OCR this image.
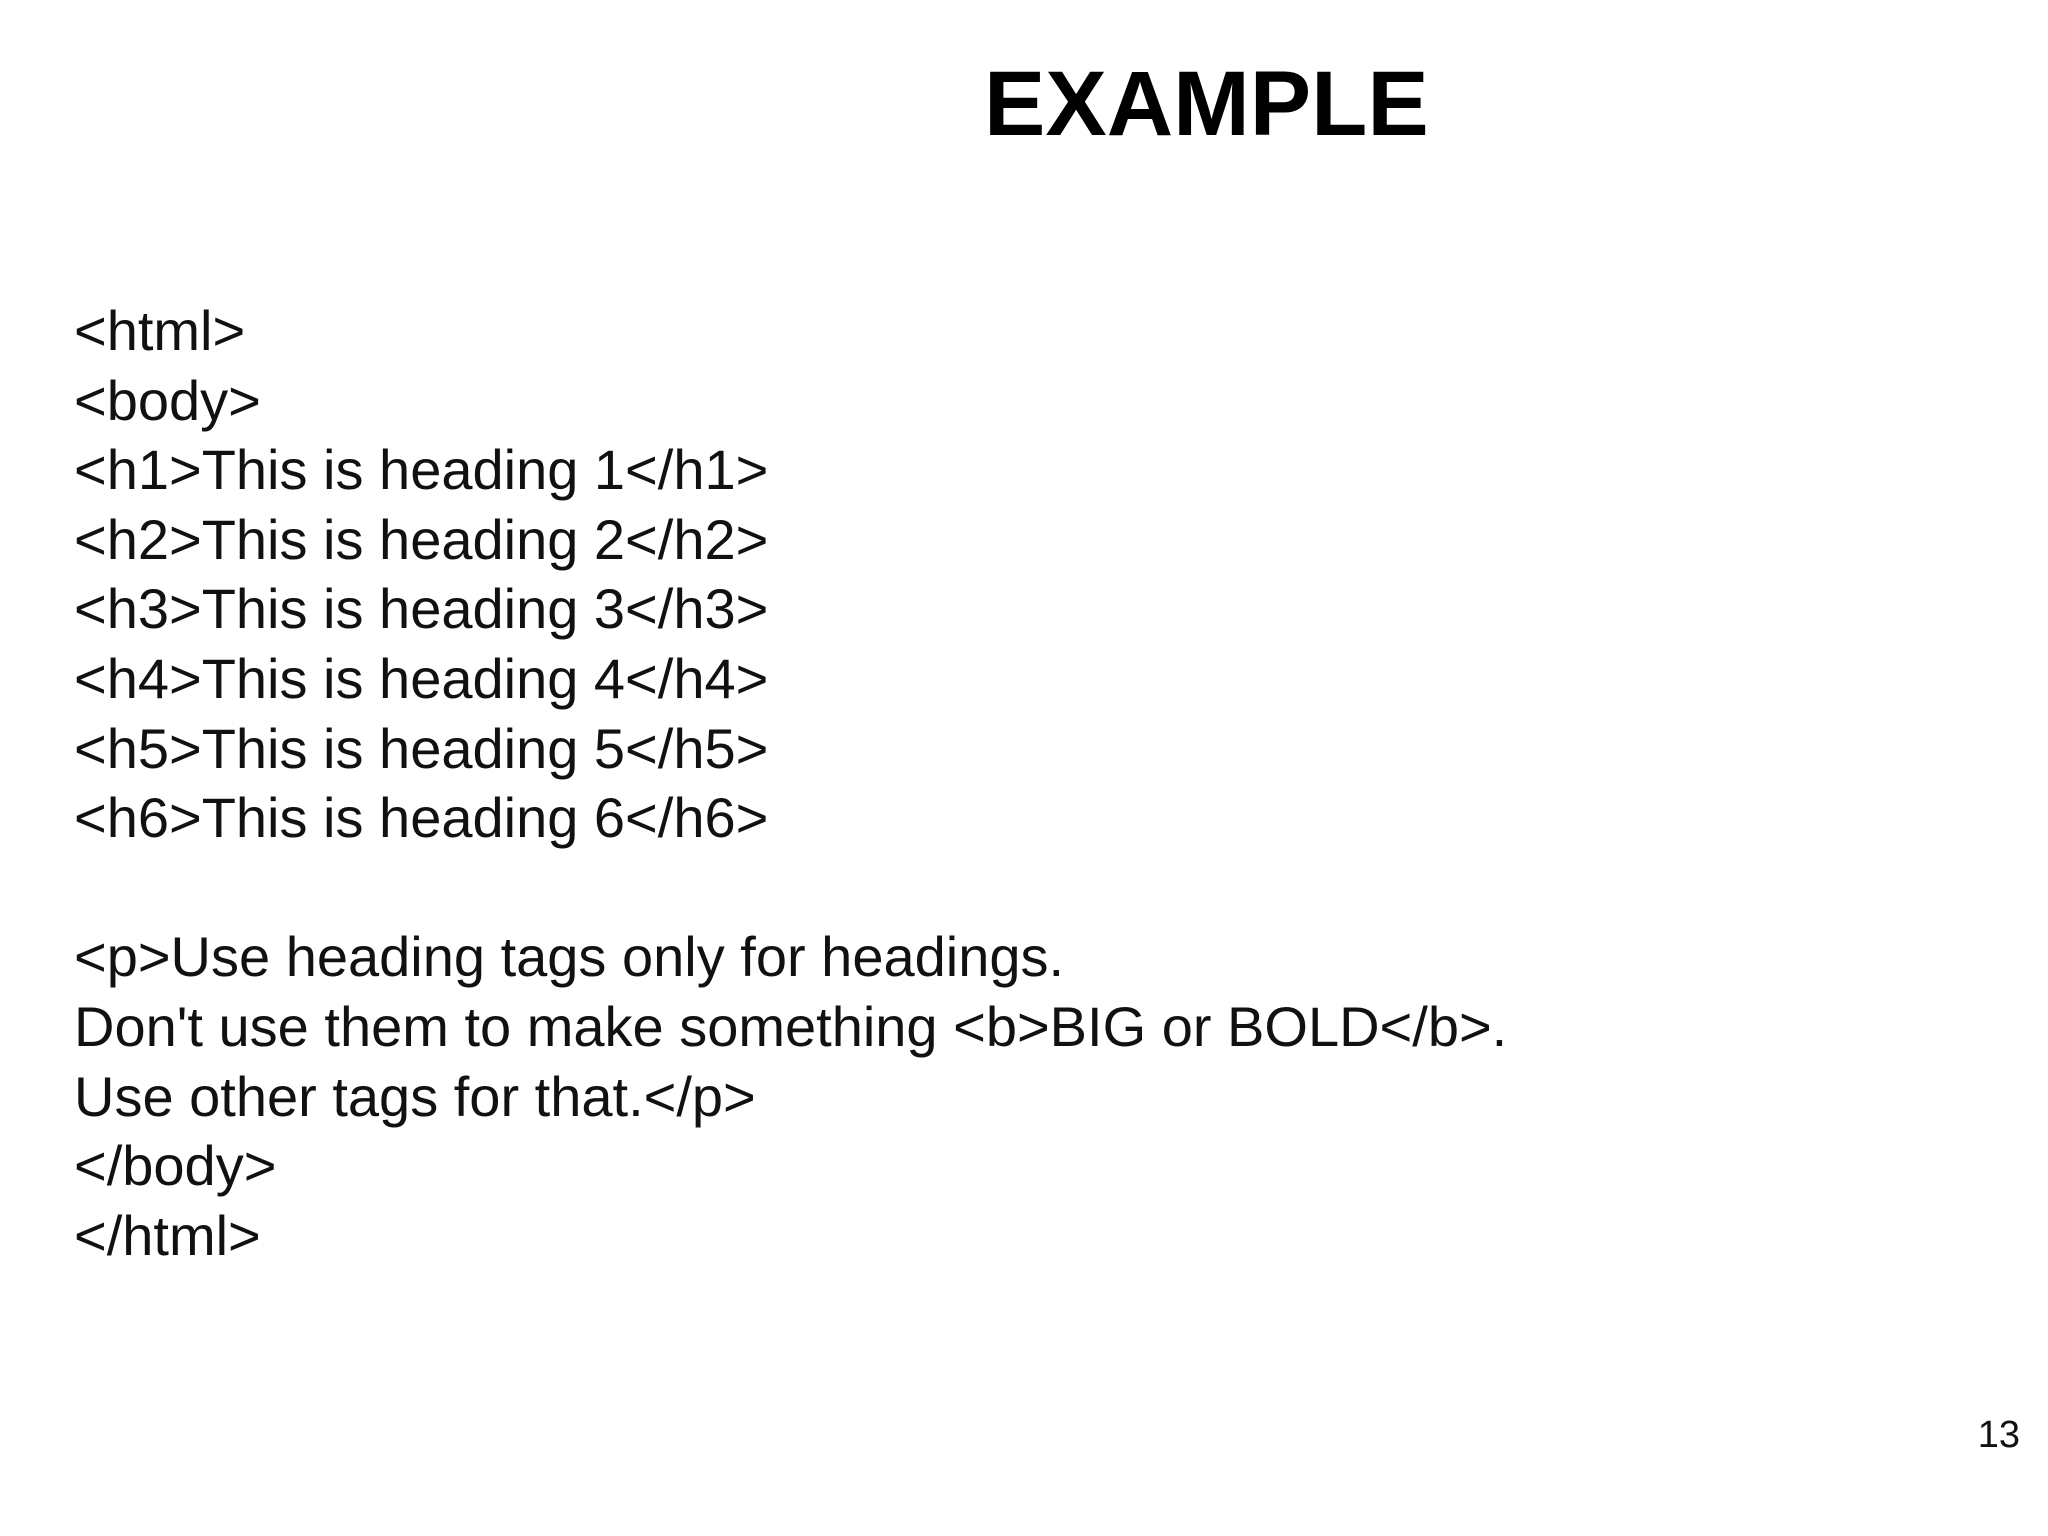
EXAMPLE
<html>
<body>
<h1>This is heading 1</h1>
<h2>This is heading 2</h2>
<h3>This is heading 3</h3>
<h4>This is heading 4</h4>
<h5>This is heading 5</h5>
<h6>This is heading 6</h6>
<p>Use heading tags only for headings.
Don't use them to make something <b>BIG or BOLD</b>.
Use other tags for that.</p>
</body>
</html>

13
